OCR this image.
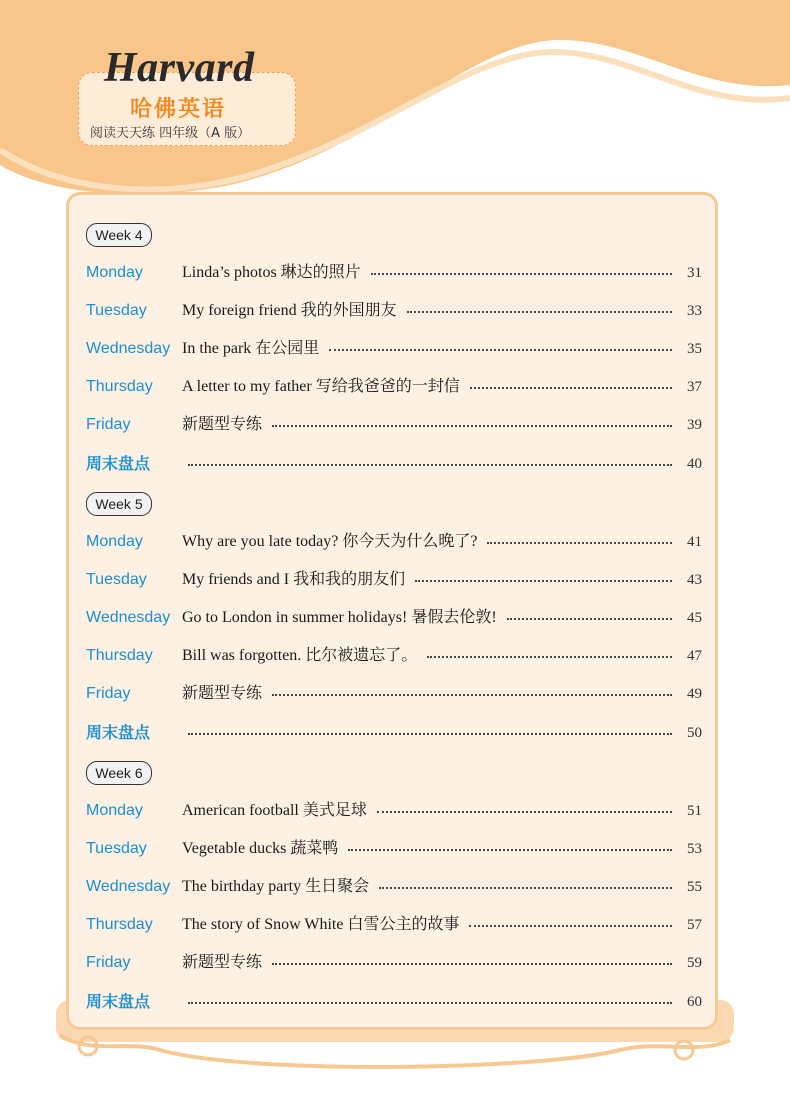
Harvard
哈佛英语
阅读天天练 四年级（A 版）
Week 4
Monday Linda’s photos 琳达的照片	31
Tuesday My foreign friend 我的外国朋友	33
Wednesday In the park 在公园里	35
Thursday A letter to my father 写给我爸爸的一封信	37
Friday	新题型专练	39
周末盘点	40
Week 5
Monday Why are you late today? 你今天为什么晚了?	41
Tuesday My friends and I 我和我的朋友们	43
Wednesday Go to London in summer holidays! 暑假去伦敦!	45
Thursday Bill was forgotten. 比尔被遗忘了。	47
Friday	新题型专练	49
周末盘点	50
Week 6
Monday American football 美式足球	51
Tuesday Vegetable ducks 蔬菜鸭	53
Wednesday The birthday party 生日聚会	55
Thursday The story of Snow White 白雪公主的故事	57
Friday	新题型专练	59
周末盘点	60
